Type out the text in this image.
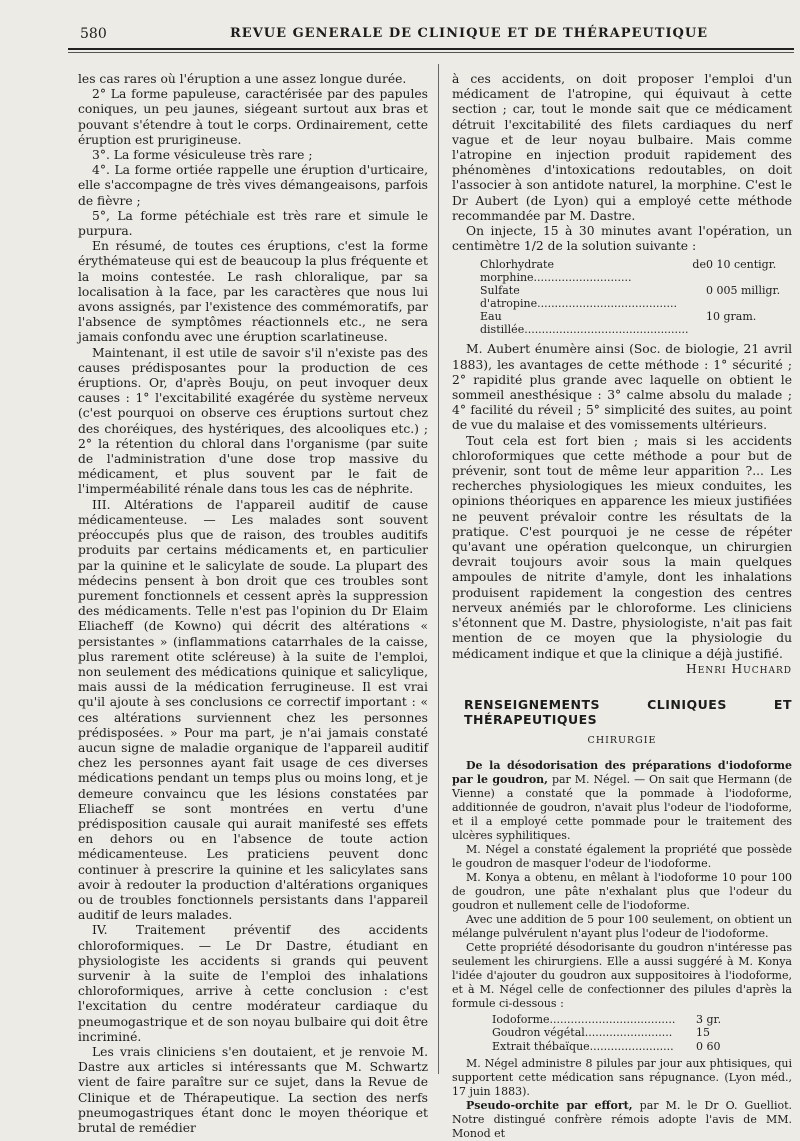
580	REVUE GENERALE DE CLINIQUE ET DE THÉRAPEUTIQUE

les cas rares où l'éruption a une assez longue durée.

2° La forme papuleuse, caractérisée par des papules coniques, un peu jaunes, siégeant surtout aux bras et pouvant s'étendre à tout le corps. Ordinairement, cette éruption est prurigineuse.

3°. La forme vésiculeuse très rare ;

4°. La forme ortiée rappelle une éruption d'urticaire, elle s'accompagne de très vives démangeaisons, parfois de fièvre ;

5°, La forme pétéchiale est très rare et simule le purpura.

En résumé, de toutes ces éruptions, c'est la forme érythémateuse qui est de beaucoup la plus fréquente et la moins contestée. Le rash chloralique, par sa localisation à la face, par les caractères que nous lui avons assignés, par l'existence des commémoratifs, par l'absence de symptômes réactionnels etc., ne sera jamais confondu avec une éruption scarlatineuse.

Maintenant, il est utile de savoir s'il n'existe pas des causes prédisposantes pour la production de ces éruptions. Or, d'après Bouju, on peut invoquer deux causes : 1° l'excitabilité exagérée du système nerveux (c'est pourquoi on observe ces éruptions surtout chez des choréiques, des hystériques, des alcooliques etc.) ; 2° la rétention du chloral dans l'organisme (par suite de l'administration d'une dose trop massive du médicament, et plus souvent par le fait de l'imperméabilité rénale dans tous les cas de néphrite.

III. Altérations de l'appareil auditif de cause médicamenteuse. — Les malades sont souvent préoccupés plus que de raison, des troubles auditifs produits par certains médicaments et, en particulier par la quinine et le salicylate de soude. La plupart des médecins pensent à bon droit que ces troubles sont purement fonctionnels et cessent après la suppression des médicaments. Telle n'est pas l'opinion du Dr Elaim Eliacheff (de Kowno) qui décrit des altérations « persistantes » (inflammations catarrhales de la caisse, plus rarement otite scléreuse) à la suite de l'emploi, non seulement des médications quinique et salicylique, mais aussi de la médication ferrugineuse. Il est vrai qu'il ajoute à ses conclusions ce correctif important : « ces altérations surviennent chez les personnes prédisposées. » Pour ma part, je n'ai jamais constaté aucun signe de maladie organique de l'appareil auditif chez les personnes ayant fait usage de ces diverses médications pendant un temps plus ou moins long, et je demeure convaincu que les lésions constatées par Eliacheff se sont montrées en vertu d'une prédisposition causale qui aurait manifesté ses effets en dehors ou en l'absence de toute action médicamenteuse. Les praticiens peuvent donc continuer à prescrire la quinine et les salicylates sans avoir à redouter la production d'altérations organiques ou de troubles fonctionnels persistants dans l'appareil auditif de leurs malades.

IV. Traitement préventif des accidents chloroformiques. — Le Dr Dastre, étudiant en physiologiste les accidents si grands qui peuvent survenir à la suite de l'emploi des inhalations chloroformiques, arrive à cette conclusion : c'est l'excitation du centre modérateur cardiaque du pneumogastrique et de son noyau bulbaire qui doit être incriminé.

Les vrais cliniciens s'en doutaient, et je renvoie M. Dastre aux articles si intéressants que M. Schwartz vient de faire paraître sur ce sujet, dans la Revue de Clinique et de Thérapeutique. La section des nerfs pneumogastriques étant donc le moyen théorique et brutal de remédier

à ces accidents, on doit proposer l'emploi d'un médicament de l'atropine, qui équivaut à cette section ; car, tout le monde sait que ce médicament détruit l'excitabilité des filets cardiaques du nerf vague et de leur noyau bulbaire. Mais comme l'atropine en injection produit rapidement des phénomènes d'intoxications redoutables, on doit l'associer à son antidote naturel, la morphine. C'est le Dr Aubert (de Lyon) qui a employé cette méthode recommandée par M. Dastre.

On injecte, 15 à 30 minutes avant l'opération, un centimètre 1/2 de la solution suivante :

Chlorhydrate de morphine............................
0 10 centigr.
Sulfate d'atropine........................................
0 005 milligr.
Eau distillée...............................................
10 gram.

M. Aubert énumère ainsi (Soc. de biologie, 21 avril 1883), les avantages de cette méthode : 1° sécurité ; 2° rapidité plus grande avec laquelle on obtient le sommeil anesthésique : 3° calme absolu du malade ; 4° facilité du réveil ; 5° simplicité des suites, au point de vue du malaise et des vomissements ultérieurs.

Tout cela est fort bien ; mais si les accidents chloroformiques que cette méthode a pour but de prévenir, sont tout de même leur apparition ?... Les recherches physiologiques les mieux conduites, les opinions théoriques en apparence les mieux justifiées ne peuvent prévaloir contre les résultats de la pratique. C'est pourquoi je ne cesse de répéter qu'avant une opération quelconque, un chirurgien devrait toujours avoir sous la main quelques ampoules de nitrite d'amyle, dont les inhalations produisent rapidement la congestion des centres nerveux anémiés par le chloroforme. Les cliniciens s'étonnent que M. Dastre, physiologiste, n'ait pas fait mention de ce moyen que la physiologie du médicament indique et que la clinique a déjà justifié.

Henri Huchard
RENSEIGNEMENTS CLINIQUES ET THÉRAPEUTIQUES
CHIRURGIE

De la désodorisation des préparations d'iodoforme par le goudron, par M. Négel. — On sait que Hermann (de Vienne) a constaté que la pommade à l'iodoforme, additionnée de goudron, n'avait plus l'odeur de l'iodoforme, et il a employé cette pommade pour le traitement des ulcères syphilitiques.

M. Négel a constaté également la propriété que possède le goudron de masquer l'odeur de l'iodoforme.

M. Konya a obtenu, en mêlant à l'iodoforme 10 pour 100 de goudron, une pâte n'exhalant plus que l'odeur du goudron et nullement celle de l'iodoforme.

Avec une addition de 5 pour 100 seulement, on obtient un mélange pulvérulent n'ayant plus l'odeur de l'iodoforme.

Cette propriété désodorisante du goudron n'intéresse pas seulement les chirurgiens. Elle a aussi suggéré à M. Konya l'idée d'ajouter du goudron aux suppositoires à l'iodoforme, et à M. Négel celle de confectionner des pilules d'après la formule ci-dessous :

Iodoforme....................................	3 gr.
Goudron végétal.........................	15
Extrait thébaïque........................	0 60

M. Négel administre 8 pilules par jour aux phtisiques, qui supportent cette médication sans répugnance. (Lyon méd., 17 juin 1883).

Pseudo-orchite par effort, par M. le Dr O. Guelliot. Notre distingué confrère rémois adopte l'avis de MM. Monod et
